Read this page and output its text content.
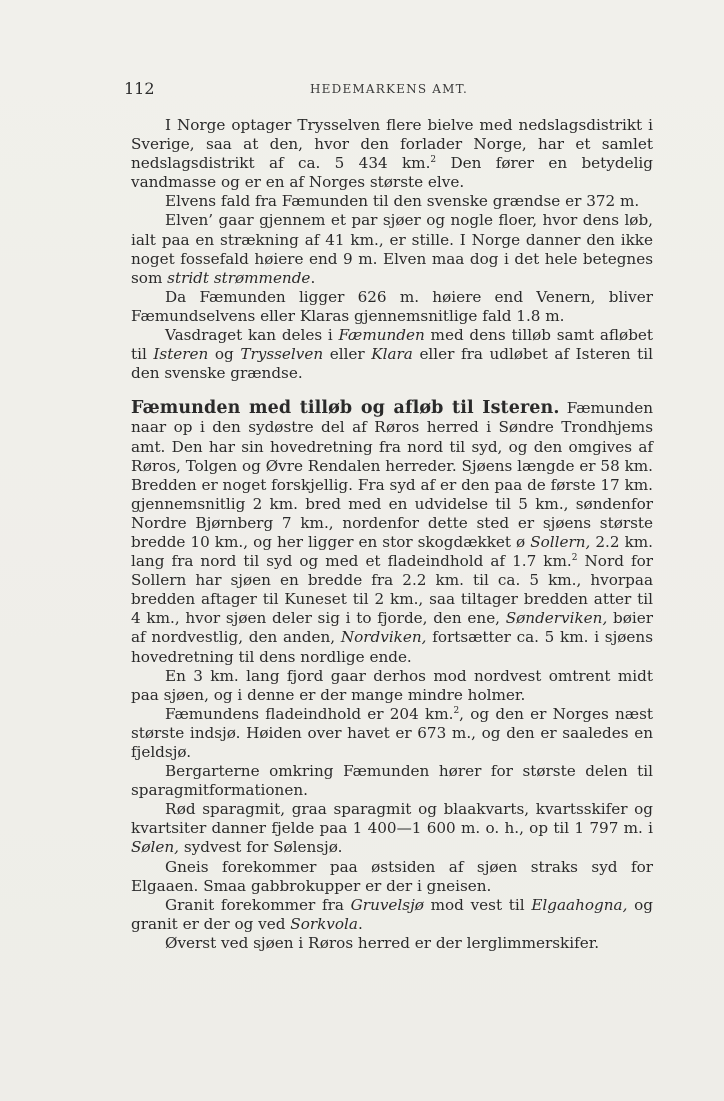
112	HEDEMARKENS AMT.

I Norge optager Trysselven flere bielve med nedslagsdistrikt i Sverige, saa at den, hvor den forlader Norge, har et samlet nedslagsdistrikt af ca. 5 434 km.$^2$ Den fører en betydelig vandmasse og er en af Norges største elve.

Elvens fald fra Fæmunden til den svenske grændse er 372 m.

Elven’ gaar gjennem et par sjøer og nogle floer, hvor dens løb, ialt paa en strækning af 41 km., er stille. I Norge danner den ikke noget fossefald høiere end 9 m. Elven maa dog i det hele betegnes som stridt strømmende.

Da Fæmunden ligger 626 m. høiere end Venern, bliver Fæmundselvens eller Klaras gjennemsnitlige fald 1.8 m.

Vasdraget kan deles i Fæmunden med dens tilløb samt afløbet til Isteren og Trysselven eller Klara eller fra udløbet af Isteren til den svenske grændse.

Fæmunden med tilløb og afløb til Isteren. Fæmunden naar op i den sydøstre del af Røros herred i Søndre Trondhjems amt. Den har sin hovedretning fra nord til syd, og den omgives af Røros, Tolgen og Øvre Rendalen herreder. Sjøens længde er 58 km. Bredden er noget forskjellig. Fra syd af er den paa de første 17 km. gjennemsnitlig 2 km. bred med en udvidelse til 5 km., søndenfor Nordre Bjørnberg 7 km., nordenfor dette sted er sjøens største bredde 10 km., og her ligger en stor skogdækket ø Sollern, 2.2 km. lang fra nord til syd og med et fladeindhold af 1.7 km.$^2$ Nord for Sollern har sjøen en bredde fra 2.2 km. til ca. 5 km., hvorpaa bredden aftager til Kuneset til 2 km., saa tiltager bredden atter til 4 km., hvor sjøen deler sig i to fjorde, den ene, Søndervіken, bøier af nordvestlig, den anden, Nordviken, fortsætter ca. 5 km. i sjøens hovedretning til dens nordlige ende.

En 3 km. lang fjord gaar derhos mod nordvest omtrent midt paa sjøen, og i denne er der mange mindre holmer.

Fæmundens fladeindhold er 204 km.$^2$, og den er Norges næst største indsjø. Høiden over havet er 673 m., og den er saaledes en fjeldsjø.

Bergarterne omkring Fæmunden hører for største delen til sparagmitformationen.

Rød sparagmit, graa sparagmit og blaakvarts, kvartsskifer og kvartsiter danner fjelde paa 1 400—1 600 m. o. h., op til 1 797 m. i Sølen, sydvest for Sølensjø.

Gneis forekommer paa østsiden af sjøen straks syd for Elgaaen. Smaa gabbrokupper er der i gneisen.

Granit forekommer fra Gruvelsjø mod vest til Elgaahogna, og granit er der og ved Sorkvola.

Øverst ved sjøen i Røros herred er der lerglimmerskifer.
